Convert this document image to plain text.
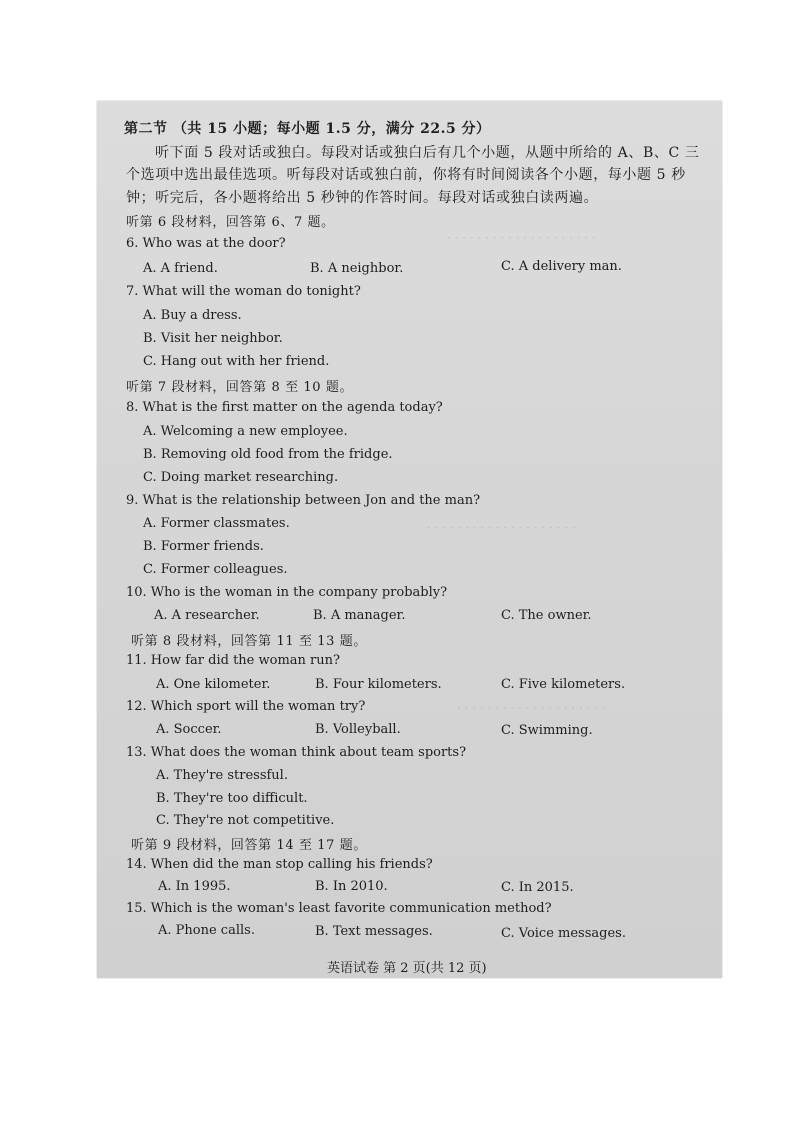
· · · · · · · · · · · · · · · · · · · ·
· · · · · · · · · · · · · · · · · · · ·
· · · · · · · · · · · · · · · · · · · ·
第二节 （共 15 小题；每小题 1.5 分，满分 22.5 分）
听下面 5 段对话或独白。每段对话或独白后有几个小题，从题中所给的 A、B、C 三
个选项中选出最佳选项。听每段对话或独白前，你将有时间阅读各个小题，每小题 5 秒
钟；听完后，各小题将给出 5 秒钟的作答时间。每段对话或独白读两遍。
听第 6 段材料，回答第 6、7 题。
6. Who was at the door?
A. A friend.	B. A neighbor.	C. A delivery man.
7. What will the woman do tonight?
A. Buy a dress.
B. Visit her neighbor.
C. Hang out with her friend.
听第 7 段材料，回答第 8 至 10 题。
8. What is the first matter on the agenda today?
A. Welcoming a new employee.
B. Removing old food from the fridge.
C. Doing market researching.
9. What is the relationship between Jon and the man?
A. Former classmates.
B. Former friends.
C. Former colleagues.
10. Who is the woman in the company probably?
A. A researcher.	B. A manager.	C. The owner.
听第 8 段材料，回答第 11 至 13 题。
11. How far did the woman run?
A. One kilometer.	B. Four kilometers.	C. Five kilometers.
12. Which sport will the woman try?
A. Soccer.	B. Volleyball.	C. Swimming.
13. What does the woman think about team sports?
A. They're stressful.
B. They're too difficult.
C. They're not competitive.
听第 9 段材料，回答第 14 至 17 题。
14. When did the man stop calling his friends?
A. In 1995.	B. In 2010.	C. In 2015.
15. Which is the woman's least favorite communication method?
A. Phone calls.	B. Text messages.	C. Voice messages.
英语试卷 第 2 页(共 12 页)
